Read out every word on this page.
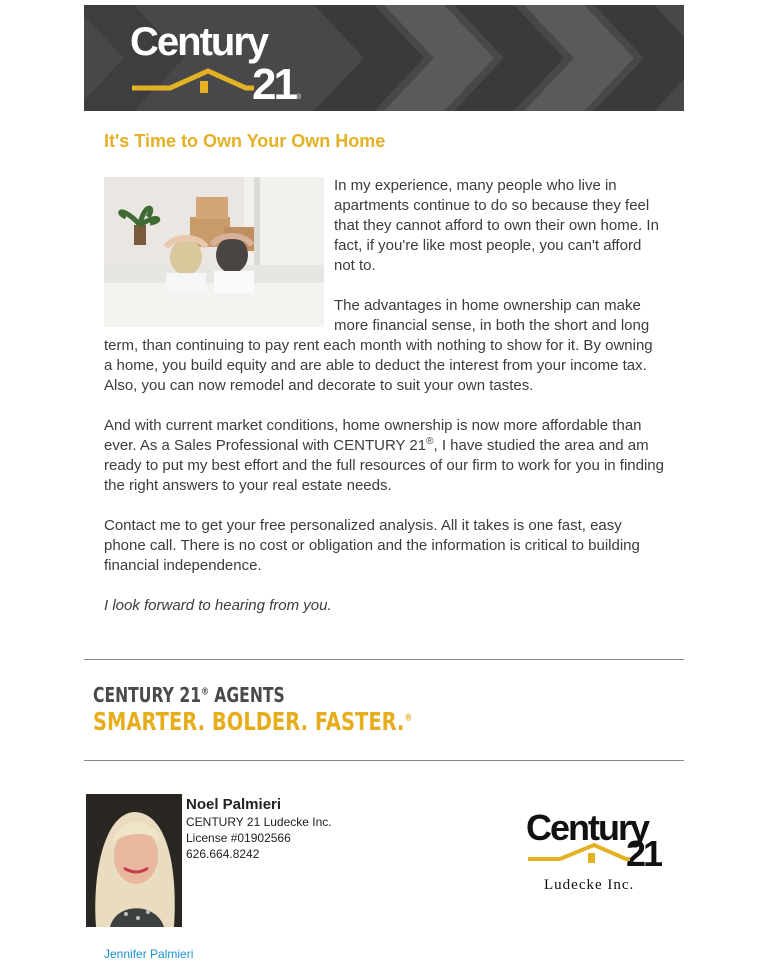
Century
21 ®
It's Time to Own Your Own Home

In my experience, many people who live in apartments continue to do so because they feel that they cannot afford to own their own home. In fact, if you're like most people, you can't afford not to.

The advantages in home ownership can make more financial sense, in both the short and long term, than continuing to pay rent each month with nothing to show for it. By owning a home, you build equity and are able to deduct the interest from your income tax. Also, you can now remodel and decorate to suit your own tastes.

And with current market conditions, home ownership is now more affordable than ever. As a Sales Professional with CENTURY 21®, I have studied the area and am ready to put my best effort and the full resources of our firm to work for you in finding the right answers to your real estate needs.

Contact me to get your free personalized analysis. All it takes is one fast, easy phone call. There is no cost or obligation and the information is critical to building financial independence.

I look forward to hearing from you.

CENTURY 21® AGENTS
SMARTER. BOLDER. FASTER.®
Noel Palmieri
CENTURY 21 Ludecke Inc.
License #01902566
626.664.8242
Century
21
Ludecke Inc.
Jennifer Palmieri
